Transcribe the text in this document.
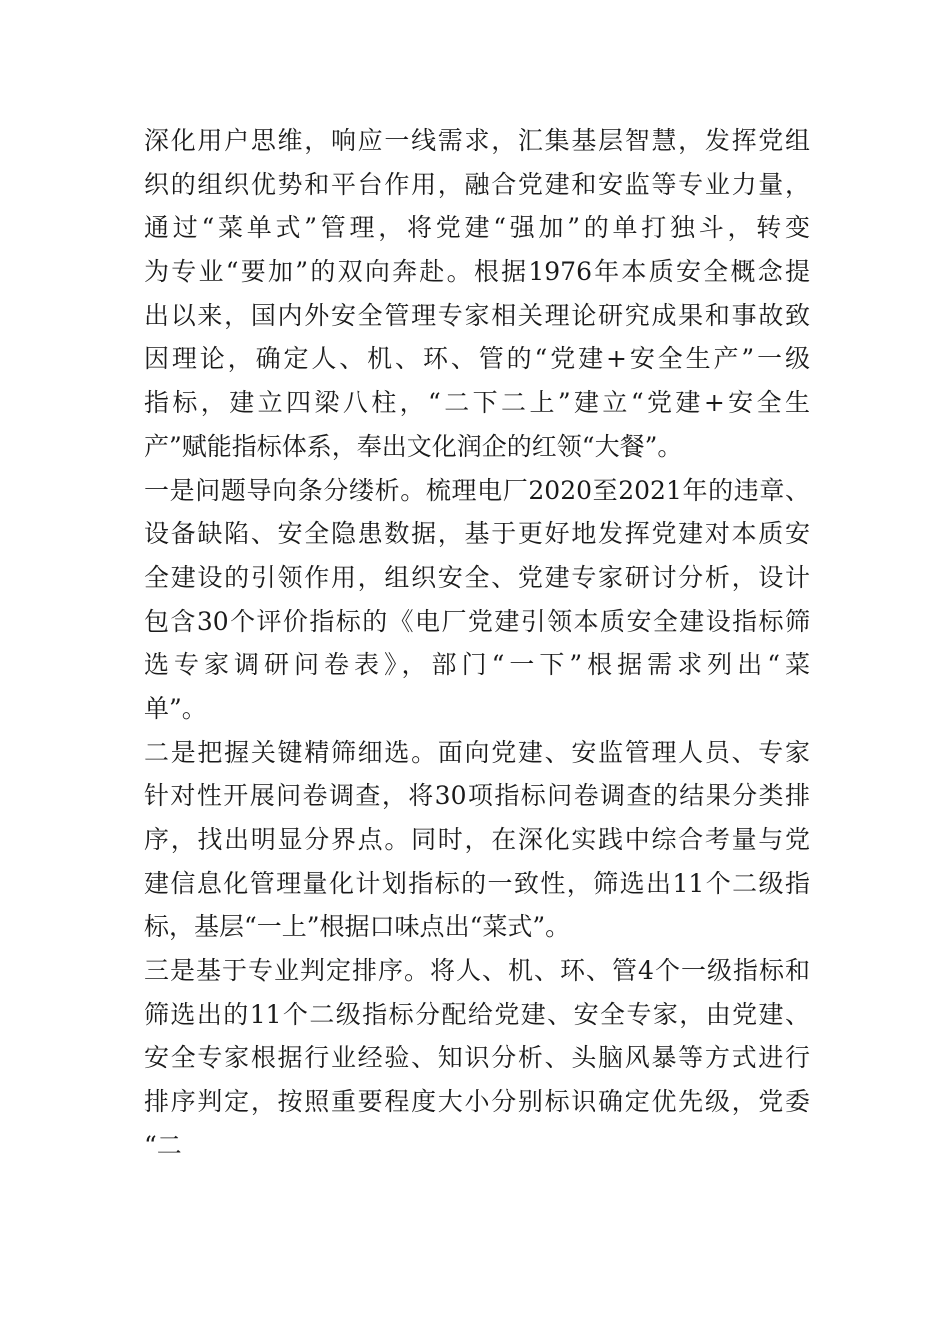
深化用户思维，响应一线需求，汇集基层智慧，发挥党组
织的组织优势和平台作用，融合党建和安监等专业力量，
通过“菜单式”管理，将党建“强加”的单打独斗，转变
为专业“要加”的双向奔赴。根据1976年本质安全概念提
出以来，国内外安全管理专家相关理论研究成果和事故致
因理论，确定人、机、环、管的“党建+安全生产”一级
指标，建立四梁八柱，“二下二上”建立“党建+安全生
产”赋能指标体系，奉出文化润企的红领“大餐”。
一是问题导向条分缕析。梳理电厂2020至2021年的违章、
设备缺陷、安全隐患数据，基于更好地发挥党建对本质安
全建设的引领作用，组织安全、党建专家研讨分析，设计
包含30个评价指标的《电厂党建引领本质安全建设指标筛
选专家调研问卷表》，部门“一下”根据需求列出“菜
单”。
二是把握关键精筛细选。面向党建、安监管理人员、专家
针对性开展问卷调查，将30项指标问卷调查的结果分类排
序，找出明显分界点。同时，在深化实践中综合考量与党
建信息化管理量化计划指标的一致性，筛选出11个二级指
标，基层“一上”根据口味点出“菜式”。
三是基于专业判定排序。将人、机、环、管4个一级指标和
筛选出的11个二级指标分配给党建、安全专家，由党建、
安全专家根据行业经验、知识分析、头脑风暴等方式进行
排序判定，按照重要程度大小分别标识确定优先级，党委
“二
